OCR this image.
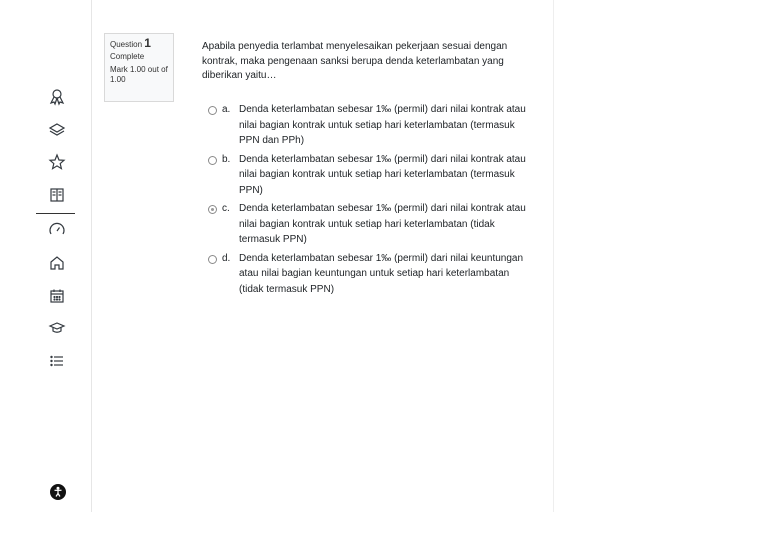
Question 1
Complete
Mark 1.00 out of 1.00
Apabila penyedia terlambat menyelesaikan pekerjaan sesuai dengan kontrak, maka pengenaan sanksi berupa denda keterlambatan yang diberikan yaitu…
a. Denda keterlambatan sebesar 1‰ (permil) dari nilai kontrak atau nilai bagian kontrak untuk setiap hari keterlambatan (termasuk PPN dan PPh)
b. Denda keterlambatan sebesar 1‰ (permil) dari nilai kontrak atau nilai bagian kontrak untuk setiap hari keterlambatan (termasuk PPN)
c. Denda keterlambatan sebesar 1‰ (permil) dari nilai kontrak atau nilai bagian kontrak untuk setiap hari keterlambatan (tidak termasuk PPN)
d. Denda keterlambatan sebesar 1‰ (permil) dari nilai keuntungan atau nilai bagian keuntungan untuk setiap hari keterlambatan (tidak termasuk PPN)
